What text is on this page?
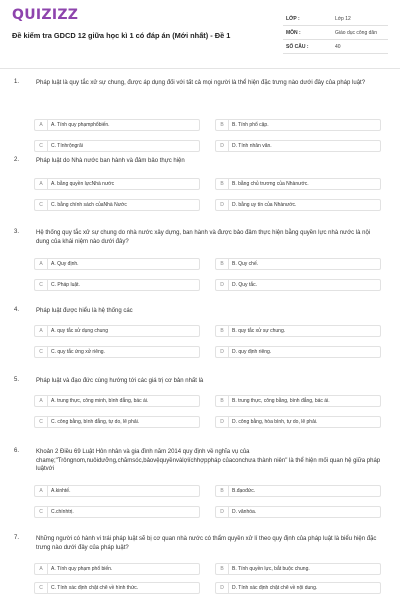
QUIZIZZ
Đề kiểm tra GDCD 12 giữa học kì 1 có đáp án (Mới nhất) - Đề 1
LỚP :	Lớp 12
MÔN :	Giáo dục công dân
SỐ CÂU :	40
1.	Pháp luật là quy tắc xử sự chung, được áp dụng đối với tất cả mọi người là thể hiện đặc trưng nào dưới đây của pháp luật?
A	A. Tính quy phạmphổbiến.	B	B. Tính phổ cập.
C	C. Tínhrộngrãi	D	D. Tính nhân văn.
2.	Pháp luật do Nhà nước ban hành và đảm bảo thực hiện
A	A. bằng quyền lựcNhà nước	B	B. bằng chủ trương của Nhànước.
C	C. bằng chính sách củaNhà Nước	D	D. bằng uy tín của Nhànước.
3.	Hệ thống quy tắc xử sự chung do nhà nước xây dựng, ban hành và được bảo đảm thực hiện bằng quyền lực nhà nước là nội dung của khái niệm nào dưới đây?
A	A. Quy định.	B	B. Quy chế.
C	C. Pháp luật.	D	D. Quy tắc.
4.	Pháp luật được hiểu là hệ thống các
A	A. quy tắc sử dụng chung	B	B. quy tắc xử sự chung.
C	C. quy tắc ứng xử riêng.	D	D. quy định riêng.
5.	Pháp luật và đạo đức cùng hướng tới các giá trị cơ bản nhất là
A	A. trung thực, công minh, bình đẳng, bác ái.	B	B. trung thực, công bằng, bình đẳng, bác ái.
C	C. công bằng, bình đẳng, tự do, lẽ phải.	D	D. công bằng, hòa bình, tự do, lẽ phải.
6.	Khoản 2 Điều 69 Luật Hôn nhân và gia đình năm 2014 quy định về nghĩa vụ của chamẹ;"Trôngnom,nuôidưỡng,chămsóc,bảovệquyềnvàlợiíchhợppháp củaconchưa thành niên" là thể hiện mối quan hệ giữa pháp luậtvới
A	A.kinhtế.	B	B.đạođức.
C	C.chínhtrị.	D	D. vănhóa.
7.	Những người có hành vi trái pháp luật sẽ bị cơ quan nhà nước có thẩm quyền xử lí theo quy định của pháp luật là biểu hiện đặc trưng nào dưới đây của pháp luật?
A	A. Tính quy phạm phổ biến.	B	B. Tính quyền lực, bắt buộc chung.
C	C. Tính xác định chặt chẽ về hình thức.	D	D. Tính xác định chặt chẽ về nội dung.
